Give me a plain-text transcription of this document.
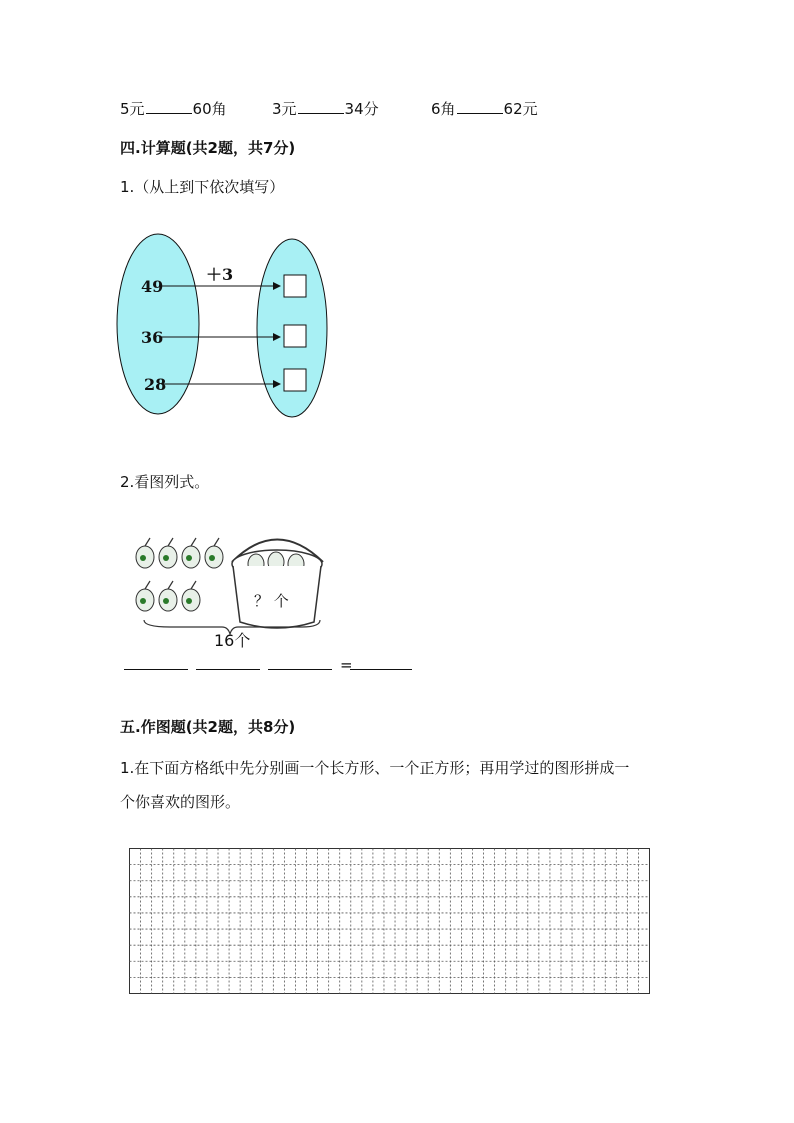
5元	60角	3元	34分	6角	62元
四.计算题(共2题，共7分)
1.（从上到下依次填写）
49
36
28
＋3
2.看图列式。
？ 个
16个
=
五.作图题(共2题，共8分)
1.在下面方格纸中先分别画一个长方形、一个正方形；再用学过的图形拼成一
个你喜欢的图形。
